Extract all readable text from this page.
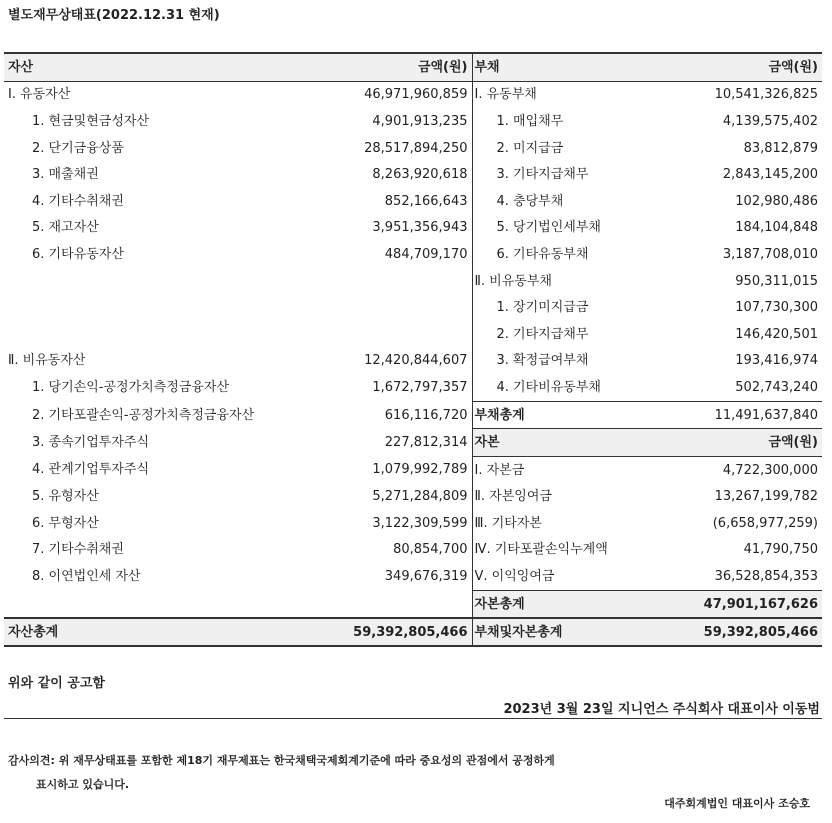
별도재무상태표(2022.12.31 현재)
자산	금액(원)	부채	금액(원)
Ⅰ. 유동자산	46,971,960,859	Ⅰ. 유동부채	10,541,326,825
1. 현금및현금성자산	4,901,913,235	1. 매입채무	4,139,575,402
2. 단기금융상품	28,517,894,250	2. 미지급금	83,812,879
3. 매출채권	8,263,920,618	3. 기타지급채무	2,843,145,200
4. 기타수취채권	852,166,643	4. 충당부채	102,980,486
5. 재고자산	3,951,356,943	5. 당기법인세부채	184,104,848
6. 기타유동자산	484,709,170	6. 기타유동부채	3,187,708,010
		Ⅱ. 비유동부채	950,311,015
		1. 장기미지급금	107,730,300
		2. 기타지급채무	146,420,501
Ⅱ. 비유동자산	12,420,844,607	3. 확정급여부채	193,416,974
1. 당기손익-공정가치측정금융자산	1,672,797,357	4. 기타비유동부채	502,743,240
2. 기타포괄손익-공정가치측정금융자산	616,116,720	부채총계	11,491,637,840
3. 종속기업투자주식	227,812,314	자본	금액(원)
4. 관계기업투자주식	1,079,992,789	Ⅰ. 자본금	4,722,300,000
5. 유형자산	5,271,284,809	Ⅱ. 자본잉여금	13,267,199,782
6. 무형자산	3,122,309,599	Ⅲ. 기타자본	(6,658,977,259)
7. 기타수취채권	80,854,700	Ⅳ. 기타포괄손익누계액	41,790,750
8. 이연법인세 자산	349,676,319	Ⅴ. 이익잉여금	36,528,854,353
		자본총계	47,901,167,626
자산총계	59,392,805,466	부채및자본총계	59,392,805,466
위와 같이 공고함
2023년 3월 23일 지니언스 주식회사 대표이사 이동범
감사의견: 위 재무상태표를 포함한 제18기 재무제표는 한국채택국제회계기준에 따라 중요성의 관점에서 공정하게
표시하고 있습니다.
대주회계법인 대표이사 조승호
